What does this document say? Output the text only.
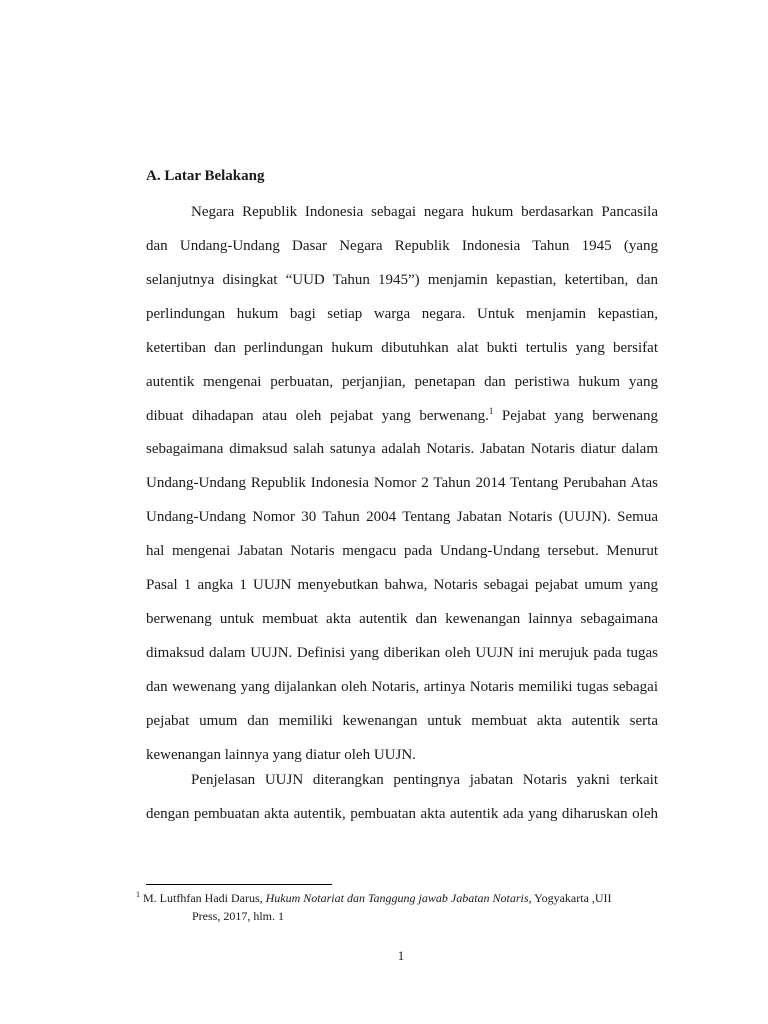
A. Latar Belakang

Negara Republik Indonesia sebagai negara hukum berdasarkan Pancasila
dan Undang-Undang Dasar Negara Republik Indonesia Tahun 1945 (yang
selanjutnya disingkat “UUD Tahun 1945”) menjamin kepastian, ketertiban, dan
perlindungan hukum bagi setiap warga negara. Untuk menjamin kepastian,
ketertiban dan perlindungan hukum dibutuhkan alat bukti tertulis yang bersifat
autentik mengenai perbuatan, perjanjian, penetapan dan peristiwa hukum yang
dibuat dihadapan atau oleh pejabat yang berwenang.$^1$ Pejabat yang berwenang
sebagaimana dimaksud salah satunya adalah Notaris. Jabatan Notaris diatur dalam
Undang-Undang Republik Indonesia Nomor 2 Tahun 2014 Tentang Perubahan Atas
Undang-Undang Nomor 30 Tahun 2004 Tentang Jabatan Notaris (UUJN). Semua
hal mengenai Jabatan Notaris mengacu pada Undang-Undang tersebut. Menurut
Pasal 1 angka 1 UUJN menyebutkan bahwa, Notaris sebagai pejabat umum yang
berwenang untuk membuat akta autentik dan kewenangan lainnya sebagaimana
dimaksud dalam UUJN. Definisi yang diberikan oleh UUJN ini merujuk pada tugas
dan wewenang yang dijalankan oleh Notaris, artinya Notaris memiliki tugas sebagai
pejabat umum dan memiliki kewenangan untuk membuat akta autentik serta
kewenangan lainnya yang diatur oleh UUJN.
Penjelasan UUJN diterangkan pentingnya jabatan Notaris yakni terkait
dengan pembuatan akta autentik, pembuatan akta autentik ada yang diharuskan oleh

$^1$ M. Lutfhfan Hadi Darus, Hukum Notariat dan Tanggung jawab Jabatan Notaris, Yogyakarta ,UII
Press, 2017, hlm. 1

1
